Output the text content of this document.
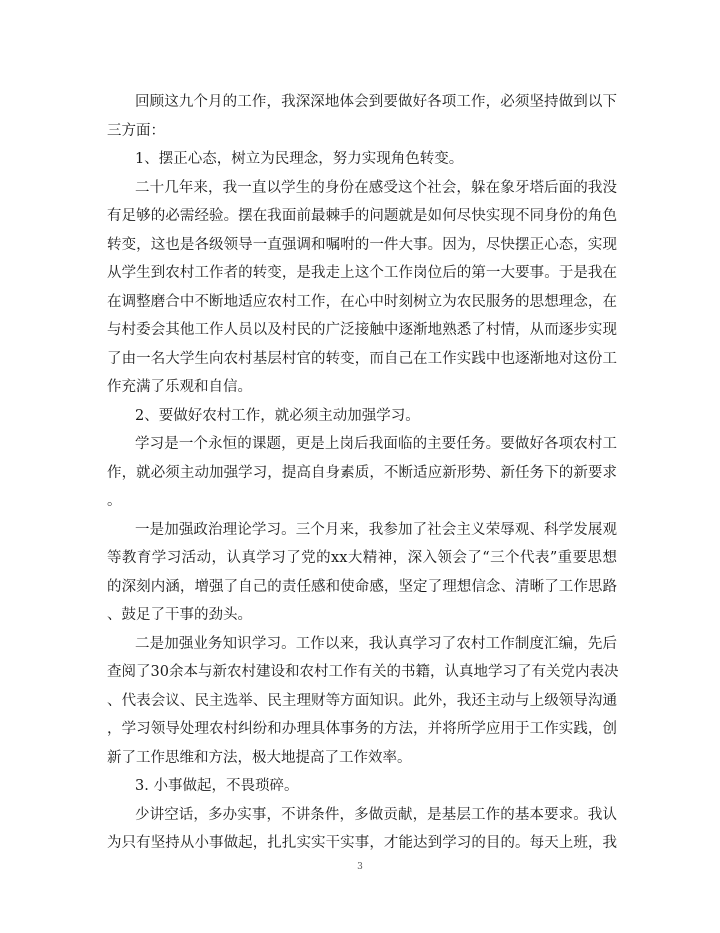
回顾这九个月的工作，我深深地体会到要做好各项工作，必须坚持做到以下
三方面：
1、摆正心态，树立为民理念，努力实现角色转变。
二十几年来，我一直以学生的身份在感受这个社会，躲在象牙塔后面的我没
有足够的必需经验。摆在我面前最棘手的问题就是如何尽快实现不同身份的角色
转变，这也是各级领导一直强调和嘱咐的一件大事。因为，尽快摆正心态，实现
从学生到农村工作者的转变，是我走上这个工作岗位后的第一大要事。于是我在
在调整磨合中不断地适应农村工作，在心中时刻树立为农民服务的思想理念，在
与村委会其他工作人员以及村民的广泛接触中逐渐地熟悉了村情，从而逐步实现
了由一名大学生向农村基层村官的转变，而自己在工作实践中也逐渐地对这份工
作充满了乐观和自信。
2、要做好农村工作，就必须主动加强学习。
学习是一个永恒的课题，更是上岗后我面临的主要任务。要做好各项农村工
作，就必须主动加强学习，提高自身素质，不断适应新形势、新任务下的新要求
。
一是加强政治理论学习。三个月来，我参加了社会主义荣辱观、科学发展观
等教育学习活动，认真学习了党的xx大精神，深入领会了“三个代表”重要思想
的深刻内涵，增强了自己的责任感和使命感，坚定了理想信念、清晰了工作思路
、鼓足了干事的劲头。
二是加强业务知识学习。工作以来，我认真学习了农村工作制度汇编，先后
查阅了30余本与新农村建设和农村工作有关的书籍，认真地学习了有关党内表决
、代表会议、民主选举、民主理财等方面知识。此外，我还主动与上级领导沟通
，学习领导处理农村纠纷和办理具体事务的方法，并将所学应用于工作实践，创
新了工作思维和方法，极大地提高了工作效率。
3. 小事做起，不畏琐碎。
少讲空话，多办实事，不讲条件，多做贡献，是基层工作的基本要求。我认
为只有坚持从小事做起，扎扎实实干实事，才能达到学习的目的。每天上班，我
3
